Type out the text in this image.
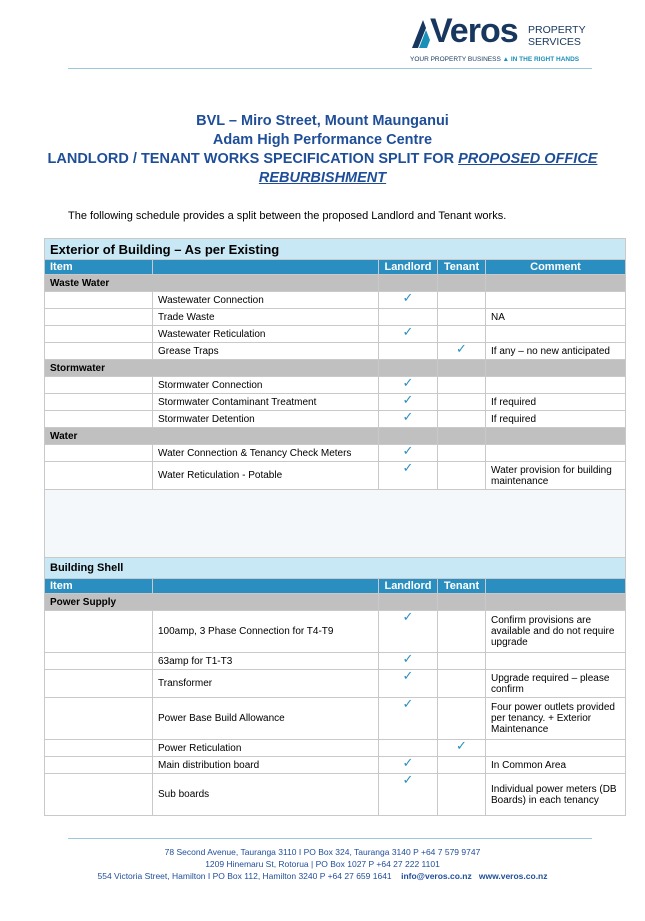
Veros PROPERTY
SERVICES
YOUR PROPERTY BUSINESS ▲ IN THE RIGHT HANDS
BVL – Miro Street, Mount Maunganui
Adam High Performance Centre
LANDLORD / TENANT WORKS SPECIFICATION SPLIT FOR PROPOSED OFFICE
REBURBISHMENT
The following schedule provides a split between the proposed Landlord and Tenant works.
Exterior of Building – As per Existing				
Item		Landlord	Tenant	Comment
Waste Water				
	Wastewater Connection	✓		
	Trade Waste			NA
	Wastewater Reticulation	✓		
	Grease Traps		✓	If any – no new anticipated
Stormwater				
	Stormwater Connection	✓		
	Stormwater Contaminant Treatment	✓		If required
	Stormwater Detention	✓		If required
Water				
	Water Connection & Tenancy Check Meters	✓		
	Water Reticulation - Potable	✓		Water provision for building maintenance

Building Shell				
Item		Landlord	Tenant	
Power Supply				
	100amp, 3 Phase Connection for T4-T9	✓		Confirm provisions are available and do not require upgrade
	63amp for T1-T3	✓		
	Transformer	✓		Upgrade required – please confirm
	Power Base Build Allowance	✓		Four power outlets provided per tenancy. + Exterior Maintenance
	Power Reticulation		✓	
	Main distribution board	✓		In Common Area
	Sub boards	✓		Individual power meters (DB Boards) in each tenancy
78 Second Avenue, Tauranga 3110 I PO Box 324, Tauranga 3140 P +64 7 579 9747
1209 Hinemaru St, Rotorua | PO Box 1027 P +64 27 222 1101
554 Victoria Street, Hamilton I PO Box 112, Hamilton 3240 P +64 27 659 1641 info@veros.co.nz www.veros.co.nz
